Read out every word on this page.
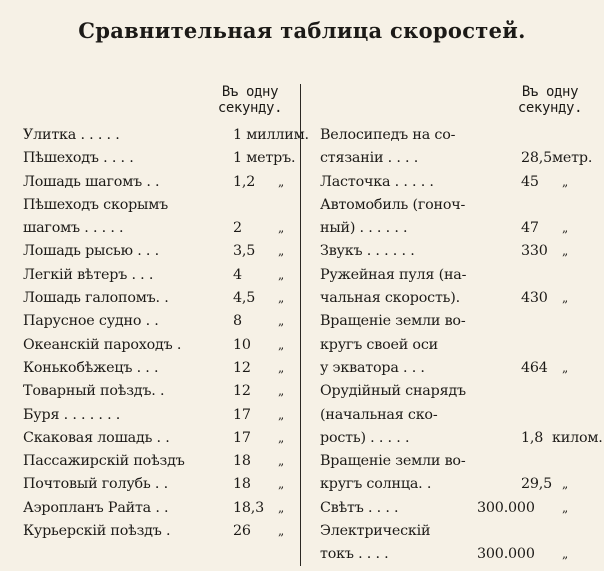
Сравнительная таблица скоростей.
Въ одну
секунду.
Въ одну
секунду.
Улитка . . . . .	1 миллим.
Пѣшеходъ . . . .	1 метръ.
Лошадь шагомъ . .	1,2 „
Пѣшеходъ скорымъ
шагомъ . . . . .	2	„
Лошадь рысью . . .	3,5 „
Легкій вѣтеръ . . .	4	„
Лошадь галопомъ. .	4,5 „
Парусное судно . .	8	„
Океанскій пароходъ .	10 „
Конькобѣжецъ . . .	12 „
Товарный поѣздъ. .	12 „
Буря . . . . . . .	17 „
Скаковая лошадь . .	17 „
Пассажирскій поѣздъ	18 „
Почтовый голубь . .	18 „
Аэропланъ Райта . .	18,3 „
Курьерскій поѣздъ .	26 „
Велосипедъ на со-
стязаніи . . . .	28,5 метр.
Ласточка . . . . .	45 „
Автомобиль (гоноч-
ный) . . . . . .	47 „
Звукъ . . . . . .	330 „
Ружейная пуля (на-
чальная скорость).	430 „
Вращеніе земли во-
кругъ своей оси
у экватора . . .	464 „
Орудійный снарядъ
(начальная ско-
рость) . . . . .	1,8 килом.
Вращеніе земли во-
кругъ солнца. .	29,5 „
Свѣтъ . . . .	300.000 „
Электрическій
токъ . . . .	300.000 „
